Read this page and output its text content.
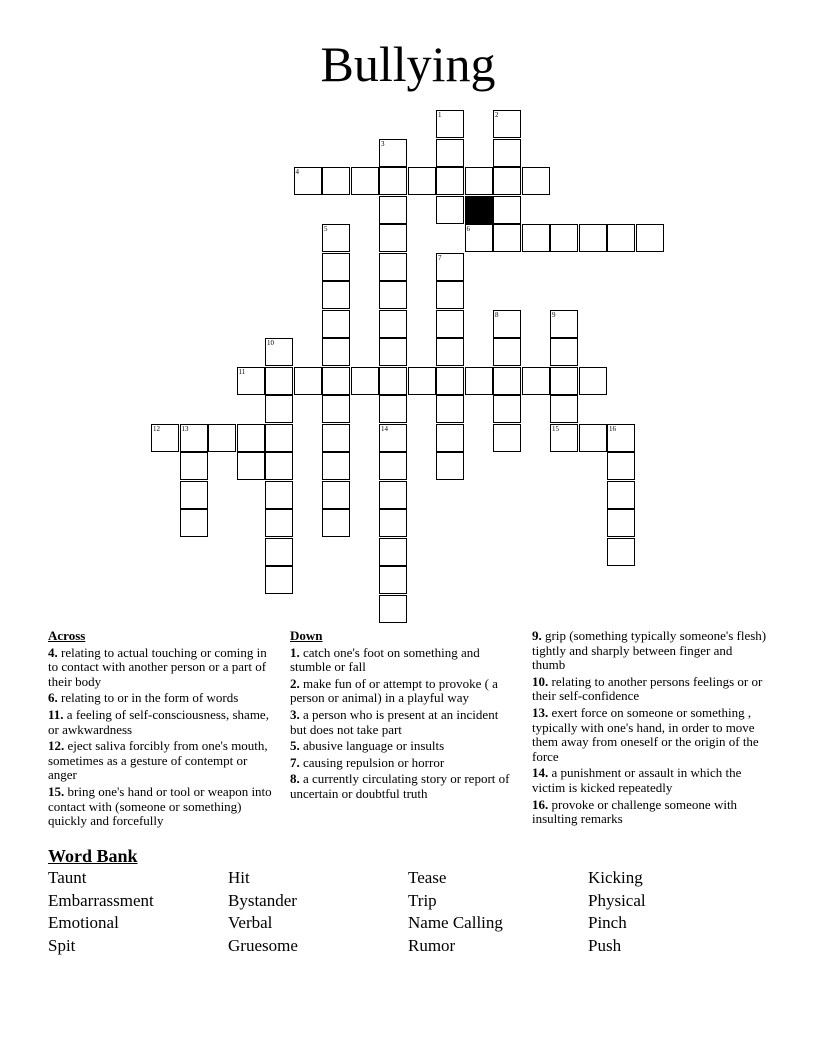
Bullying
1	2
3
4
5	6
7
8	9
10
11
12	13	14	15	16
Across
4. relating to actual touching or coming in to contact with another person or a part of their body
6. relating to or in the form of words
11. a feeling of self-consciousness, shame, or awkwardness
12. eject saliva forcibly from one's mouth, sometimes as a gesture of contempt or anger
15. bring one's hand or tool or weapon into contact with (someone or something) quickly and forcefully
Down
1. catch one's foot on something and stumble or fall
2. make fun of or attempt to provoke ( a person or animal) in a playful way
3. a person who is present at an incident but does not take part
5. abusive language or insults
7. causing repulsion or horror
8. a currently circulating story or report of uncertain or doubtful truth
9. grip (something typically someone's flesh) tightly and sharply between finger and thumb
10. relating to another persons feelings or or their self-confidence
13. exert force on someone or something , typically with one's hand, in order to move them away from oneself or the origin of the force
14. a punishment or assault in which the victim is kicked repeatedly
16. provoke or challenge someone with insulting remarks
Word Bank
Taunt	Hit	Tease	Kicking
Embarrassment	Bystander	Trip	Physical
Emotional	Verbal	Name Calling	Pinch
Spit	Gruesome	Rumor	Push
